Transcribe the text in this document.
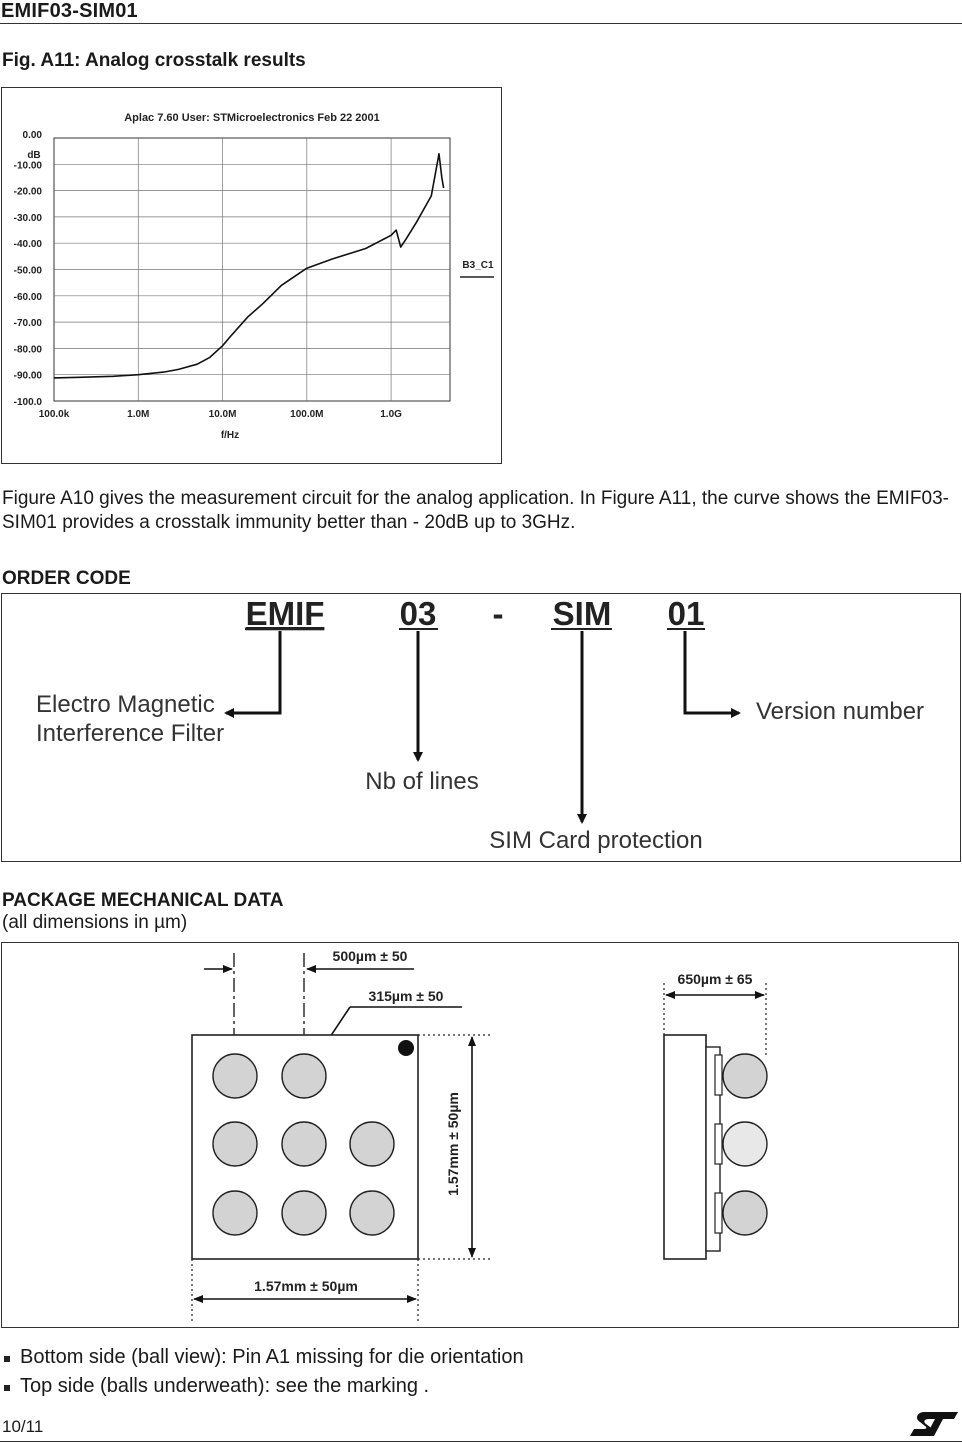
EMIF03-SIM01
Fig. A11: Analog crosstalk results
Aplac 7.60 User: STMicroelectronics Feb 22 2001
0.00
-10.00
-20.00
-30.00
-40.00
-50.00
-60.00
-70.00
-80.00
-90.00
-100.0
100.0k	1.0M	10.0M	100.0M	1.0G
dB
f/Hz
B3_C1
Figure A10 gives the measurement circuit for the analog application. In Figure A11, the curve shows the EMIF03-SIM01 provides a crosstalk immunity better than - 20dB up to 3GHz.
ORDER CODE
EMIF 03 - SIM 01
Electro Magnetic
Interference Filter
Nb of lines
SIM Card protection
Version number
PACKAGE MECHANICAL DATA
(all dimensions in µm)
500µm ± 50
315µm ± 50
1.57mm ± 50µm
1.57mm ± 50µm
650µm ± 65
Bottom side (ball view): Pin A1 missing for die orientation
Top side (balls underweath): see the marking .
10/11
